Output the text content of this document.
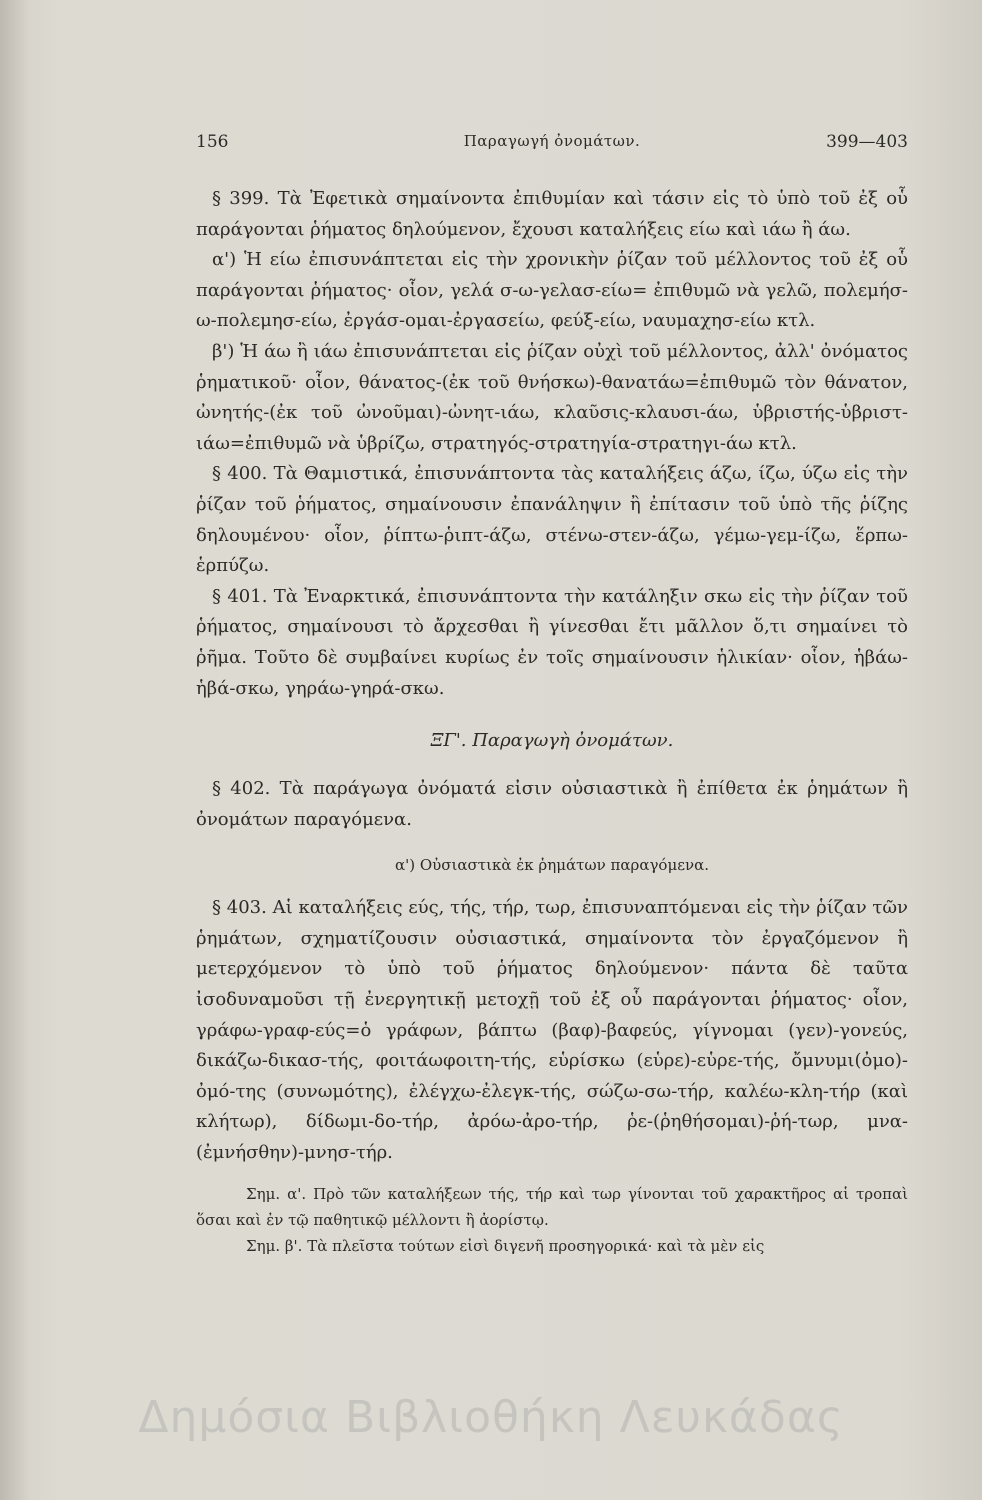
156	Παραγωγή ὀνομάτων.	399—403

§ 399. Τὰ Ἐφετικὰ σημαίνοντα ἐπιθυμίαν καὶ τάσιν εἰς τὸ ὑπὸ τοῦ ἐξ οὗ παράγονται ῥήματος δηλούμενον, ἔχουσι καταλήξεις είω καὶ ιάω ἢ άω.

α') Ἡ είω ἐπισυνάπτεται εἰς τὴν χρονικὴν ῥίζαν τοῦ μέλλοντος τοῦ ἐξ οὗ παράγονται ῥήματος· οἷον, γελά σ-ω-γελασ-είω= ἐπιθυμῶ νὰ γελῶ, πολεμήσ-ω-πολεμησ-είω, ἐργάσ-ομαι-ἐργασείω, φεύξ-είω, ναυμαχησ-είω κτλ.

β') Ἡ άω ἢ ιάω ἐπισυνάπτεται εἰς ῥίζαν οὐχὶ τοῦ μέλλοντος, ἀλλ' ὀνόματος ῥηματικοῦ· οἷον, θάνατος-(ἐκ τοῦ θνήσκω)-θανατάω=ἐπιθυμῶ τὸν θάνατον, ὠνητής-(ἐκ τοῦ ὠνοῦμαι)-ὠνητ-ιάω, κλαῦσις-κλαυσι-άω, ὑβριστής-ὑβριστ-ιάω=ἐπιθυμῶ νὰ ὑβρίζω, στρατηγός-στρατηγία-στρατηγι-άω κτλ.

§ 400. Τὰ Θαμιστικά, ἐπισυνάπτοντα τὰς καταλήξεις άζω, ίζω, ύζω εἰς τὴν ῥίζαν τοῦ ῥήματος, σημαίνουσιν ἐπανάληψιν ἢ ἐπίτασιν τοῦ ὑπὸ τῆς ῥίζης δηλουμένου· οἷον, ῥίπτω-ῥιπτ-άζω, στένω-στεν-άζω, γέμω-γεμ-ίζω, ἕρπω-ἑρπύζω.

§ 401. Τὰ Ἐναρκτικά, ἐπισυνάπτοντα τὴν κατάληξιν σκω εἰς τὴν ῥίζαν τοῦ ῥήματος, σημαίνουσι τὸ ἄρχεσθαι ἢ γίνεσθαι ἔτι μᾶλλον ὅ,τι σημαίνει τὸ ῥῆμα. Τοῦτο δὲ συμβαίνει κυρίως ἐν τοῖς σημαίνουσιν ἡλικίαν· οἷον, ἡβάω-ἡβά-σκω, γηράω-γηρά-σκω.

ΞΓ'. Παραγωγὴ ὀνομάτων.

§ 402. Τὰ παράγωγα ὀνόματά εἰσιν οὐσιαστικὰ ἢ ἐπίθετα ἐκ ῥημάτων ἢ ὀνομάτων παραγόμενα.

α') Οὐσιαστικὰ ἐκ ῥημάτων παραγόμενα.

§ 403. Αἱ καταλήξεις εύς, τής, τήρ, τωρ, ἐπισυναπτόμεναι εἰς τὴν ῥίζαν τῶν ῥημάτων, σχηματίζουσιν οὐσιαστικά, σημαίνοντα τὸν ἐργαζόμενον ἢ μετερχόμενον τὸ ὑπὸ τοῦ ῥήματος δηλούμενον· πάντα δὲ ταῦτα ἰσοδυναμοῦσι τῇ ἐνεργητικῇ μετοχῇ τοῦ ἐξ οὗ παράγονται ῥήματος· οἷον, γράφω-γραφ-εύς=ὁ γράφων, βάπτω (βαφ)-βαφεύς, γίγνομαι (γεν)-γονεύς, δικάζω-δικασ-τής, φοιτάωφοιτη-τής, εὑρίσκω (εὑρε)-εὑρε-τής, ὄμνυμι(ὀμο)-ὀμό-της (συνωμότης), ἐλέγχω-ἐλεγκ-τής, σώζω-σω-τήρ, καλέω-κλη-τήρ (καὶ κλήτωρ), δίδωμι-δο-τήρ, ἀρόω-ἀρο-τήρ, ῥε-(ῥηθήσομαι)-ῥή-τωρ, μνα-(ἐμνήσθην)-μνησ-τήρ.

Σημ. α'. Πρὸ τῶν καταλήξεων τής, τήρ καὶ τωρ γίνονται τοῦ χαρακτῆρος αἱ τροπαὶ ὅσαι καὶ ἐν τῷ παθητικῷ μέλλοντι ἢ ἀορίστῳ.

Σημ. β'. Τὰ πλεῖστα τούτων εἰσὶ διγενῆ προσηγορικά· καὶ τὰ μὲν εἰς

Δημόσια Βιβλιοθήκη Λευκάδας
